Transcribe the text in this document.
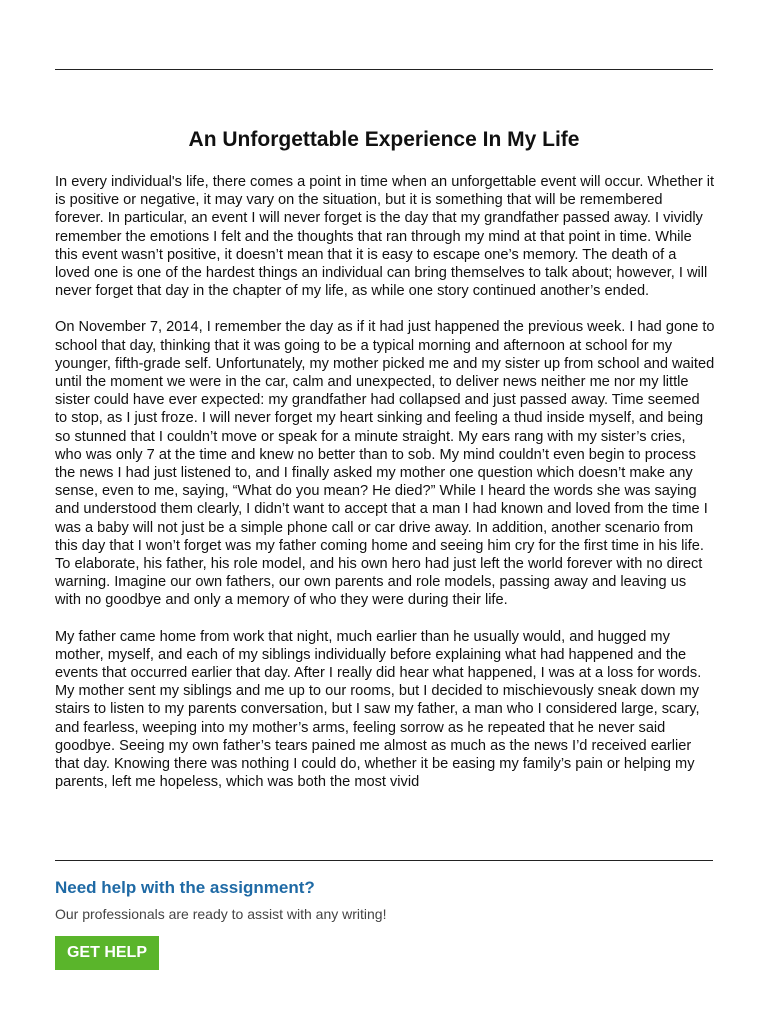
An Unforgettable Experience In My Life

In every individual's life, there comes a point in time when an unforgettable event will occur. Whether it is positive or negative, it may vary on the situation, but it is something that will be remembered forever. In particular, an event I will never forget is the day that my grandfather passed away. I vividly remember the emotions I felt and the thoughts that ran through my mind at that point in time. While this event wasn’t positive, it doesn’t mean that it is easy to escape one’s memory. The death of a loved one is one of the hardest things an individual can bring themselves to talk about; however, I will never forget that day in the chapter of my life, as while one story continued another’s ended.

On November 7, 2014, I remember the day as if it had just happened the previous week. I had gone to school that day, thinking that it was going to be a typical morning and afternoon at school for my younger, fifth-grade self. Unfortunately, my mother picked me and my sister up from school and waited until the moment we were in the car, calm and unexpected, to deliver news neither me nor my little sister could have ever expected: my grandfather had collapsed and just passed away. Time seemed to stop, as I just froze. I will never forget my heart sinking and feeling a thud inside myself, and being so stunned that I couldn’t move or speak for a minute straight. My ears rang with my sister’s cries, who was only 7 at the time and knew no better than to sob. My mind couldn’t even begin to process the news I had just listened to, and I finally asked my mother one question which doesn’t make any sense, even to me, saying, “What do you mean? He died?” While I heard the words she was saying and understood them clearly, I didn’t want to accept that a man I had known and loved from the time I was a baby will not just be a simple phone call or car drive away. In addition, another scenario from this day that I won’t forget was my father coming home and seeing him cry for the first time in his life. To elaborate, his father, his role model, and his own hero had just left the world forever with no direct warning. Imagine our own fathers, our own parents and role models, passing away and leaving us with no goodbye and only a memory of who they were during their life.

My father came home from work that night, much earlier than he usually would, and hugged my mother, myself, and each of my siblings individually before explaining what had happened and the events that occurred earlier that day. After I really did hear what happened, I was at a loss for words. My mother sent my siblings and me up to our rooms, but I decided to mischievously sneak down my stairs to listen to my parents conversation, but I saw my father, a man who I considered large, scary, and fearless, weeping into my mother’s arms, feeling sorrow as he repeated that he never said goodbye. Seeing my own father’s tears pained me almost as much as the news I’d received earlier that day. Knowing there was nothing I could do, whether it be easing my family’s pain or helping my parents, left me hopeless, which was both the most vivid

Need help with the assignment?
Our professionals are ready to assist with any writing!
GET HELP
